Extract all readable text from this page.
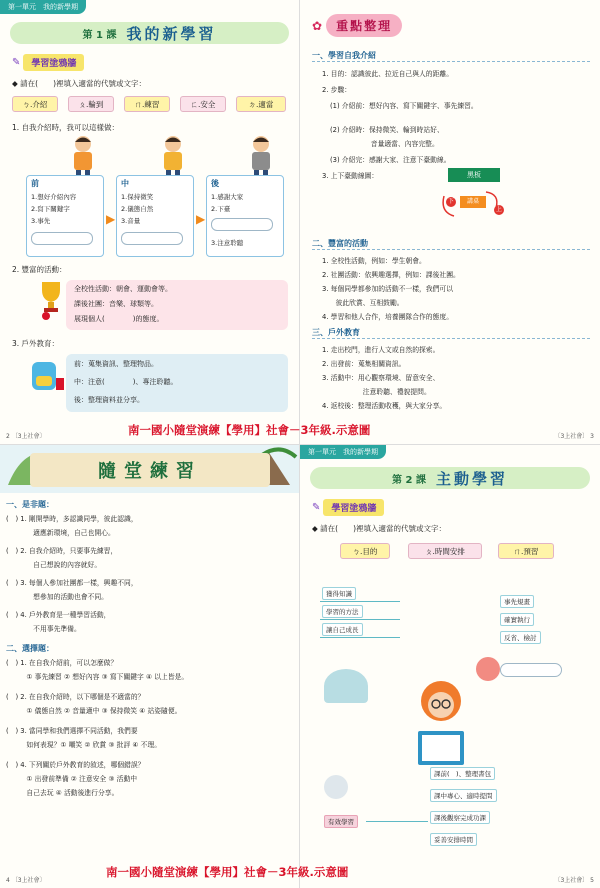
第一單元　我的新學期
第 1 課 我的新學習
✎	學習塗鴉牆
◆ 請在(　　)裡填入適當的代號或文字：
ㄅ.介紹	ㄆ.輪到	ㄇ.練習	ㄈ.安全	ㄉ.適當
1. 自我介紹時，我可以這樣做：
前
1.想好介紹內容
2.寫下關鍵字
3.事先	▶
中
1.保持微笑
2.儀態自然
3.音量	▶
後
1.感謝大家
2.下臺
3.注意聆聽
2. 豐富的活動：
全校性活動：朝會、運動會等。
課後社團：音樂、球類等。
展現個人(　　　　)的態度。
3. 戶外教育：
前：蒐集資訊、整理物品。
中：注意(　　　　)、專注聆聽。
後：整理資料並分享。
2 〔3上社會〕
✿	重點整理
一、學習自我介紹
1. 目的：認識彼此、拉近自己與人的距離。
2. 步驟：
(1) 介紹前：想好內容、寫下關鍵字、事先練習。
(2) 介紹時：保持微笑、輪到時站好、
　　　　　　音量適當、內容完整。
(3) 介紹完：感謝大家、注意下臺動線。
3. 上下臺動線圖：	黑板
講桌
下
上
二、豐富的活動
1. 全校性活動，例如：學生朝會。
2. 社團活動：依興趣選擇，例如：課後社團。
3. 每個同學都參加的活動不一樣，我們可以
　　彼此欣賞、互相鼓勵。
4. 學習和他人合作，培養團隊合作的態度。
三、戶外教育
1. 走出校門，進行人文或自然的探索。
2. 出發前：蒐集相關資訊。
3. 活動中：用心觀察環境、留意安全、
　　　　　　注意聆聽、禮貌提問。
4. 返校後：整理活動收穫，與大家分享。
〔3上社會〕 3
隨堂練習
一、是非題：
(　) 1. 剛開學時，多認識同學，彼此認識，
　　　　適應新環境，自己也開心。
(　) 2. 自我介紹時，只要事先練習，
　　　　自己想說的內容就好。
(　) 3. 每個人參加社團都一樣，興趣不同，
　　　　想參加的活動也會不同。
(　) 4. 戶外教育是一種學習活動，
　　　　不用事先準備。
二、選擇題：
(　) 1. 在自我介紹前，可以怎麼做？
　　　① 事先練習 ② 想好內容 ③ 寫下關鍵字 ④ 以上皆是。
(　) 2. 在自我介紹時，以下哪個是不適當的？
　　　① 儀態自然 ② 音量適中 ③ 保持微笑 ④ 站姿隨便。
(　) 3. 當同學和我們選擇不同活動，我們要
　　　如何表現？① 嘲笑 ② 欣賞 ③ 批評 ④ 不理。
(　) 4. 下列關於戶外教育的敘述，哪個錯誤？
　　　① 出發前準備 ② 注意安全 ③ 活動中
　　　自己去玩 ④ 活動後進行分享。
4 〔3上社會〕
第一單元　我的新學期
第 2 課 主動學習
✎	學習塗鴉牆
◆ 請在(　　)裡填入適當的代號或文字：
ㄅ.目的	ㄆ.時間安排	ㄇ.預習
獲得知識
學習的方法
讓自己成長
事先規畫
確實執行
反省、檢討
有效學習
課前(　)、整理書包
課中專心、適時提問
課後觀察完成功課
妥善安排時間
〔3上社會〕 5
南一國小隨堂演練【學用】社會－3年級.示意圖
南一國小隨堂演練【學用】社會－3年級.示意圖
